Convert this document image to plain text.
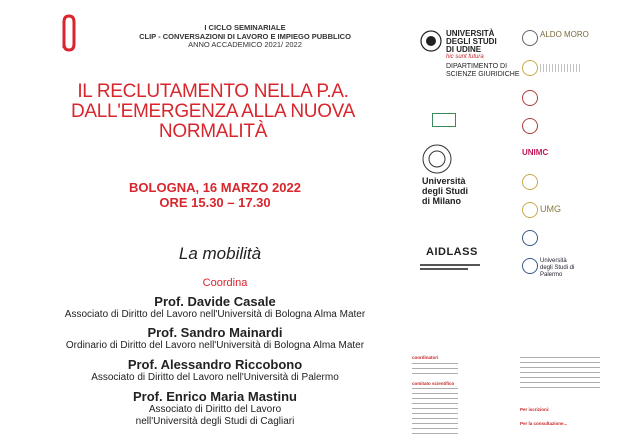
I CICLO SEMINARIALE
CLIP - CONVERSAZIONI DI LAVORO E IMPIEGO PUBBLICO
ANNO ACCADEMICO 2021/ 2022
IL RECLUTAMENTO NELLA P.A.
DALL'EMERGENZA ALLA NUOVA NORMALITÀ
BOLOGNA, 16 MARZO 2022
ORE 15.30 – 17.30
La mobilità
Coordina
Prof. Davide Casale
Associato di Diritto del Lavoro nell'Università di Bologna Alma Mater
Prof. Sandro Mainardi
Ordinario di Diritto del Lavoro nell'Università di Bologna Alma Mater
Prof. Alessandro Riccobono
Associato di Diritto del Lavoro nell'Università di Palermo
Prof. Enrico Maria Mastinu
Associato di Diritto del Lavoro
nell'Università degli Studi di Cagliari
UNIVERSITÀ
DEGLI STUDI
DI UDINE
hic sunt futura
DIPARTIMENTO DI
SCIENZE GIURIDICHE
Università
degli Studi
di Milano
AIDLASS
ALDO MORO
UNIMC
UMG
Università degli Studi di Palermo
coordinatori
comitato scientifico
Per iscrizioni:
Per la consultazione...
